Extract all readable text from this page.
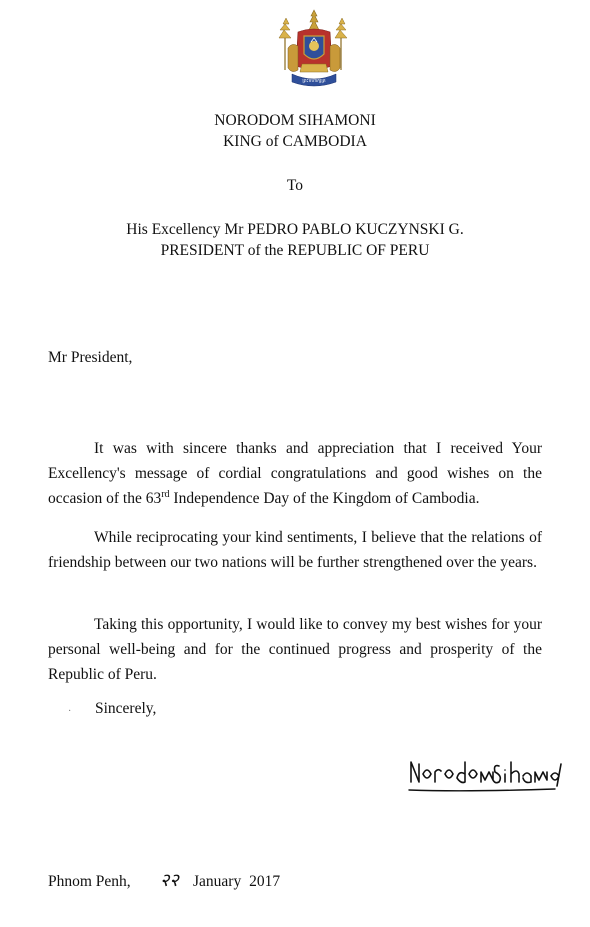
ព្រះមហាក្សត្រ
NORODOM SIHAMONI
KING of CAMBODIA
To
His Excellency Mr PEDRO PABLO KUCZYNSKI G.
PRESIDENT of the REPUBLIC OF PERU
Mr President,
It was with sincere thanks and appreciation that I received Your Excellency's message of cordial congratulations and good wishes on the occasion of the 63rd Independence Day of the Kingdom of Cambodia.
While reciprocating your kind sentiments, I believe that the relations of friendship between our two nations will be further strengthened over the years.
Taking this opportunity, I would like to convey my best wishes for your personal well-being and for the continued progress and prosperity of the Republic of Peru.
· Sincerely,
Phnom Penh, २२ January 2017
